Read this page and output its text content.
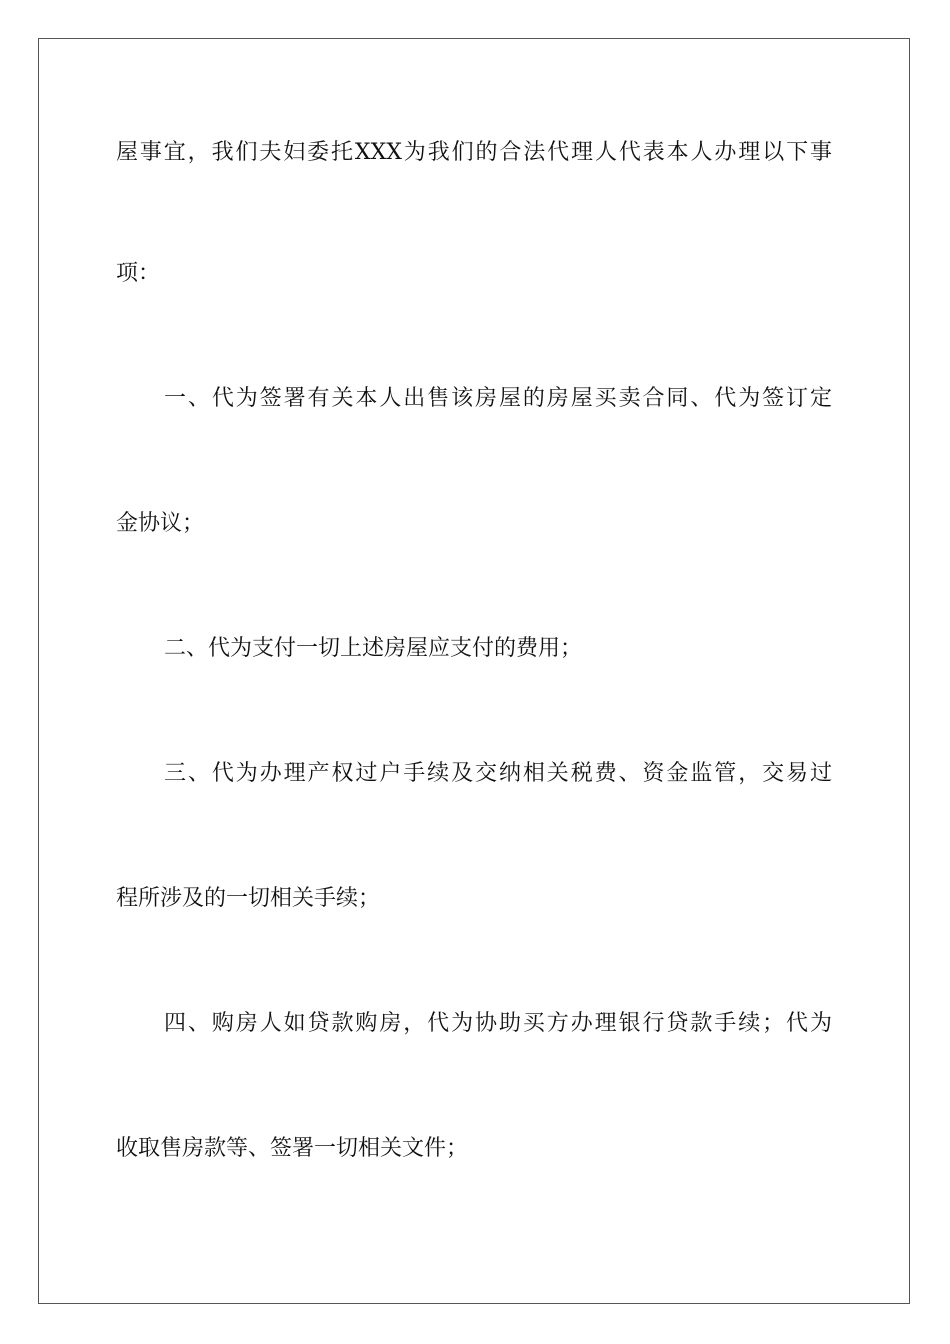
屋事宜，我们夫妇委托XXX为我们的合法代理人代表本人办理以下事
项：
一、代为签署有关本人出售该房屋的房屋买卖合同、代为签订定
金协议；
二、代为支付一切上述房屋应支付的费用；
三、代为办理产权过户手续及交纳相关税费、资金监管，交易过
程所涉及的一切相关手续；
四、购房人如贷款购房，代为协助买方办理银行贷款手续；代为
收取售房款等、签署一切相关文件；
